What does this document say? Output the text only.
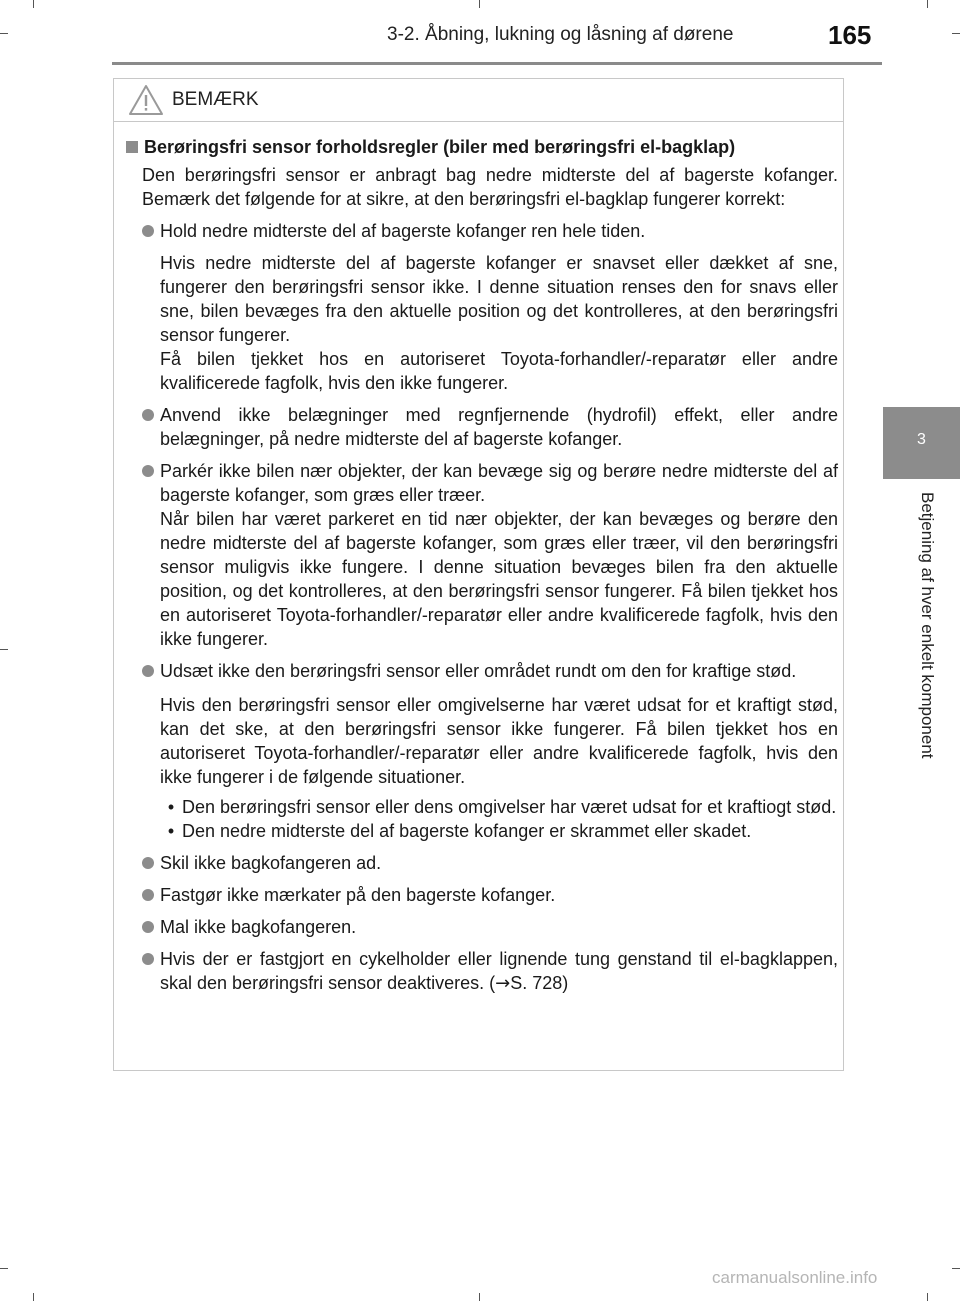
3-2. Åbning, lukning og låsning af dørene	165
3
Betjening af hver enkelt komponent
BEMÆRK
Berøringsfri sensor forholdsregler (biler med berøringsfri el-bagklap)
Den berøringsfri sensor er anbragt bag nedre midterste del af bagerste kofanger. Bemærk det følgende for at sikre, at den berøringsfri el-bagklap fungerer korrekt:
Hold nedre midterste del af bagerste kofanger ren hele tiden.
Hvis nedre midterste del af bagerste kofanger er snavset eller dækket af sne, fungerer den berøringsfri sensor ikke. I denne situation renses den for snavs eller sne, bilen bevæges fra den aktuelle position og det kontrolleres, at den berøringsfri sensor fungerer.
Få bilen tjekket hos en autoriseret Toyota-forhandler/-reparatør eller andre kvalificerede fagfolk, hvis den ikke fungerer.
Anvend ikke belægninger med regnfjernende (hydrofil) effekt, eller andre belægninger, på nedre midterste del af bagerste kofanger.
Parkér ikke bilen nær objekter, der kan bevæge sig og berøre nedre midterste del af bagerste kofanger, som græs eller træer.
Når bilen har været parkeret en tid nær objekter, der kan bevæges og berøre den nedre midterste del af bagerste kofanger, som græs eller træer, vil den berøringsfri sensor muligvis ikke fungere. I denne situation bevæges bilen fra den aktuelle position, og det kontrolleres, at den berøringsfri sensor fungerer. Få bilen tjekket hos en autoriseret Toyota-forhandler/-reparatør eller andre kvalificerede fagfolk, hvis den ikke fungerer.
Udsæt ikke den berøringsfri sensor eller området rundt om den for kraftige stød.
Hvis den berøringsfri sensor eller omgivelserne har været udsat for et kraftigt stød, kan det ske, at den berøringsfri sensor ikke fungerer. Få bilen tjekket hos en autoriseret Toyota-forhandler/-reparatør eller andre kvalificerede fagfolk, hvis den ikke fungerer i de følgende situationer.
• Den berøringsfri sensor eller dens omgivelser har været udsat for et kraftiogt stød.
• Den nedre midterste del af bagerste kofanger er skrammet eller skadet.
Skil ikke bagkofangeren ad.
Fastgør ikke mærkater på den bagerste kofanger.
Mal ikke bagkofangeren.
Hvis der er fastgjort en cykelholder eller lignende tung genstand til el-bagklappen, skal den berøringsfri sensor deaktiveres. (→S. 728)
carmanualsonline.info
